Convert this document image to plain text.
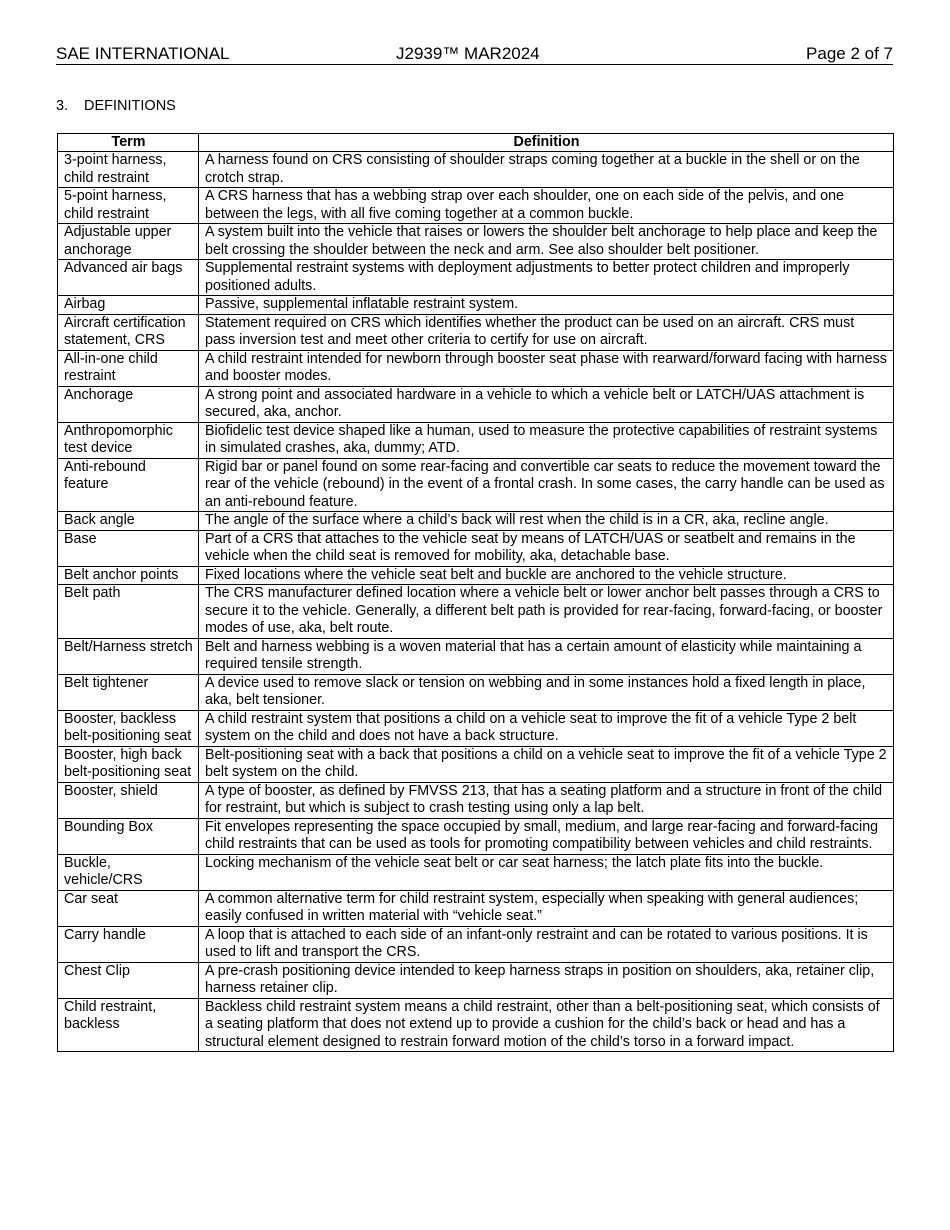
SAE INTERNATIONAL	J2939™ MAR2024	Page 2 of 7
3. DEFINITIONS
Term	Definition
3-point harness, child restraint	A harness found on CRS consisting of shoulder straps coming together at a buckle in the shell or on the crotch strap.
5-point harness, child restraint	A CRS harness that has a webbing strap over each shoulder, one on each side of the pelvis, and one between the legs, with all five coming together at a common buckle.
Adjustable upper anchorage	A system built into the vehicle that raises or lowers the shoulder belt anchorage to help place and keep the belt crossing the shoulder between the neck and arm. See also shoulder belt positioner.
Advanced air bags	Supplemental restraint systems with deployment adjustments to better protect children and improperly positioned adults.
Airbag	Passive, supplemental inflatable restraint system.
Aircraft certification statement, CRS	Statement required on CRS which identifies whether the product can be used on an aircraft. CRS must pass inversion test and meet other criteria to certify for use on aircraft.
All-in-one child restraint	A child restraint intended for newborn through booster seat phase with rearward/forward facing with harness and booster modes.
Anchorage	A strong point and associated hardware in a vehicle to which a vehicle belt or LATCH/UAS attachment is secured, aka, anchor.
Anthropomorphic test device	Biofidelic test device shaped like a human, used to measure the protective capabilities of restraint systems in simulated crashes, aka, dummy; ATD.
Anti-rebound feature	Rigid bar or panel found on some rear-facing and convertible car seats to reduce the movement toward the rear of the vehicle (rebound) in the event of a frontal crash. In some cases, the carry handle can be used as an anti-rebound feature.
Back angle	The angle of the surface where a child’s back will rest when the child is in a CR, aka, recline angle.
Base	Part of a CRS that attaches to the vehicle seat by means of LATCH/UAS or seatbelt and remains in the vehicle when the child seat is removed for mobility, aka, detachable base.
Belt anchor points	Fixed locations where the vehicle seat belt and buckle are anchored to the vehicle structure.
Belt path	The CRS manufacturer defined location where a vehicle belt or lower anchor belt passes through a CRS to secure it to the vehicle. Generally, a different belt path is provided for rear-facing, forward-facing, or booster modes of use, aka, belt route.
Belt/Harness stretch	Belt and harness webbing is a woven material that has a certain amount of elasticity while maintaining a required tensile strength.
Belt tightener	A device used to remove slack or tension on webbing and in some instances hold a fixed length in place, aka, belt tensioner.
Booster, backless belt-positioning seat	A child restraint system that positions a child on a vehicle seat to improve the fit of a vehicle Type 2 belt system on the child and does not have a back structure.
Booster, high back belt-positioning seat	Belt-positioning seat with a back that positions a child on a vehicle seat to improve the fit of a vehicle Type 2 belt system on the child.
Booster, shield	A type of booster, as defined by FMVSS 213, that has a seating platform and a structure in front of the child for restraint, but which is subject to crash testing using only a lap belt.
Bounding Box	Fit envelopes representing the space occupied by small, medium, and large rear-facing and forward-facing child restraints that can be used as tools for promoting compatibility between vehicles and child restraints.
Buckle, vehicle/CRS	Locking mechanism of the vehicle seat belt or car seat harness; the latch plate fits into the buckle.
Car seat	A common alternative term for child restraint system, especially when speaking with general audiences; easily confused in written material with “vehicle seat.”
Carry handle	A loop that is attached to each side of an infant-only restraint and can be rotated to various positions. It is used to lift and transport the CRS.
Chest Clip	A pre-crash positioning device intended to keep harness straps in position on shoulders, aka, retainer clip, harness retainer clip.
Child restraint, backless	Backless child restraint system means a child restraint, other than a belt-positioning seat, which consists of a seating platform that does not extend up to provide a cushion for the child’s back or head and has a structural element designed to restrain forward motion of the child’s torso in a forward impact.
